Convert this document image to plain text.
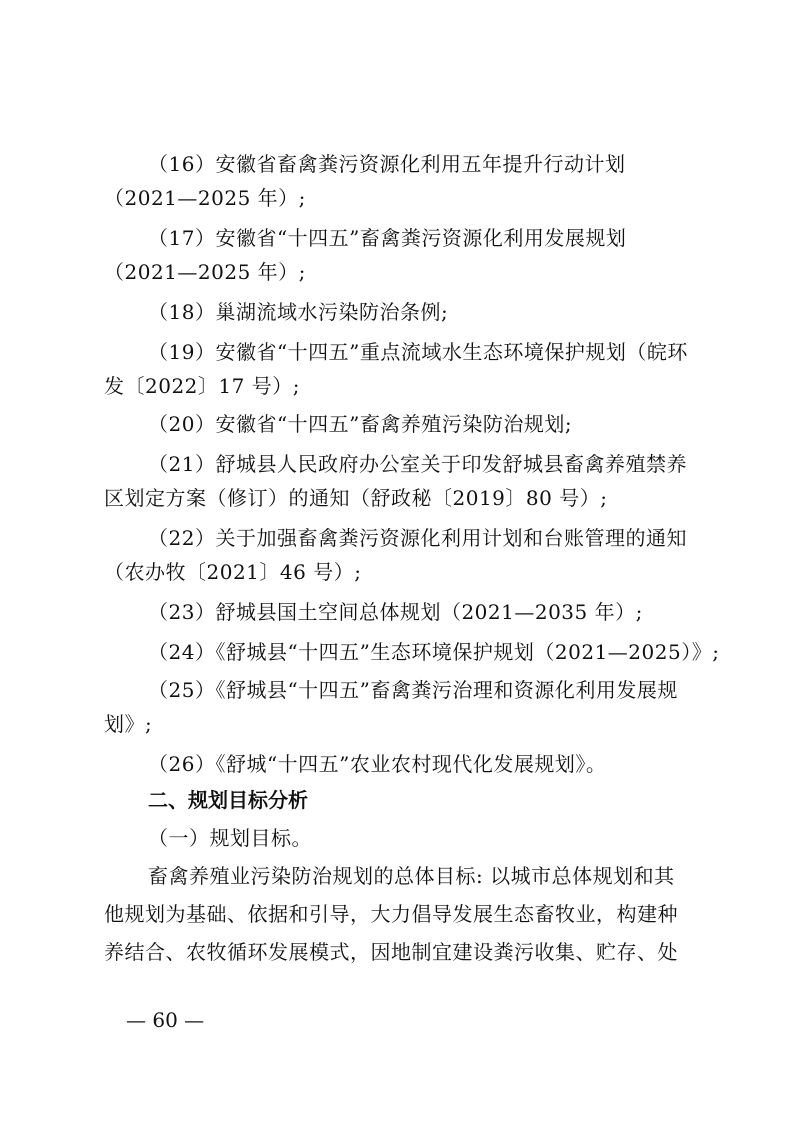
（16）安徽省畜禽粪污资源化利用五年提升行动计划
（2021—2025 年）;
（17）安徽省“十四五”畜禽粪污资源化利用发展规划
（2021—2025 年）;
（18）巢湖流域水污染防治条例;
（19）安徽省“十四五”重点流域水生态环境保护规划（皖环
发〔2022〕17 号）;
（20）安徽省“十四五”畜禽养殖污染防治规划;
（21）舒城县人民政府办公室关于印发舒城县畜禽养殖禁养
区划定方案（修订）的通知（舒政秘〔2019〕80 号）;
（22）关于加强畜禽粪污资源化利用计划和台账管理的通知
（农办牧〔2021〕46 号）;
（23）舒城县国土空间总体规划（2021—2035 年）;
（24）《舒城县“十四五”生态环境保护规划（2021—2025）》;
（25）《舒城县“十四五”畜禽粪污治理和资源化利用发展规
划》;
（26）《舒城“十四五”农业农村现代化发展规划》。
二、规划目标分析
（一）规划目标。
畜禽养殖业污染防治规划的总体目标: 以城市总体规划和其
他规划为基础、依据和引导，大力倡导发展生态畜牧业，构建种
养结合、农牧循环发展模式，因地制宜建设粪污收集、贮存、处
— 60 —
